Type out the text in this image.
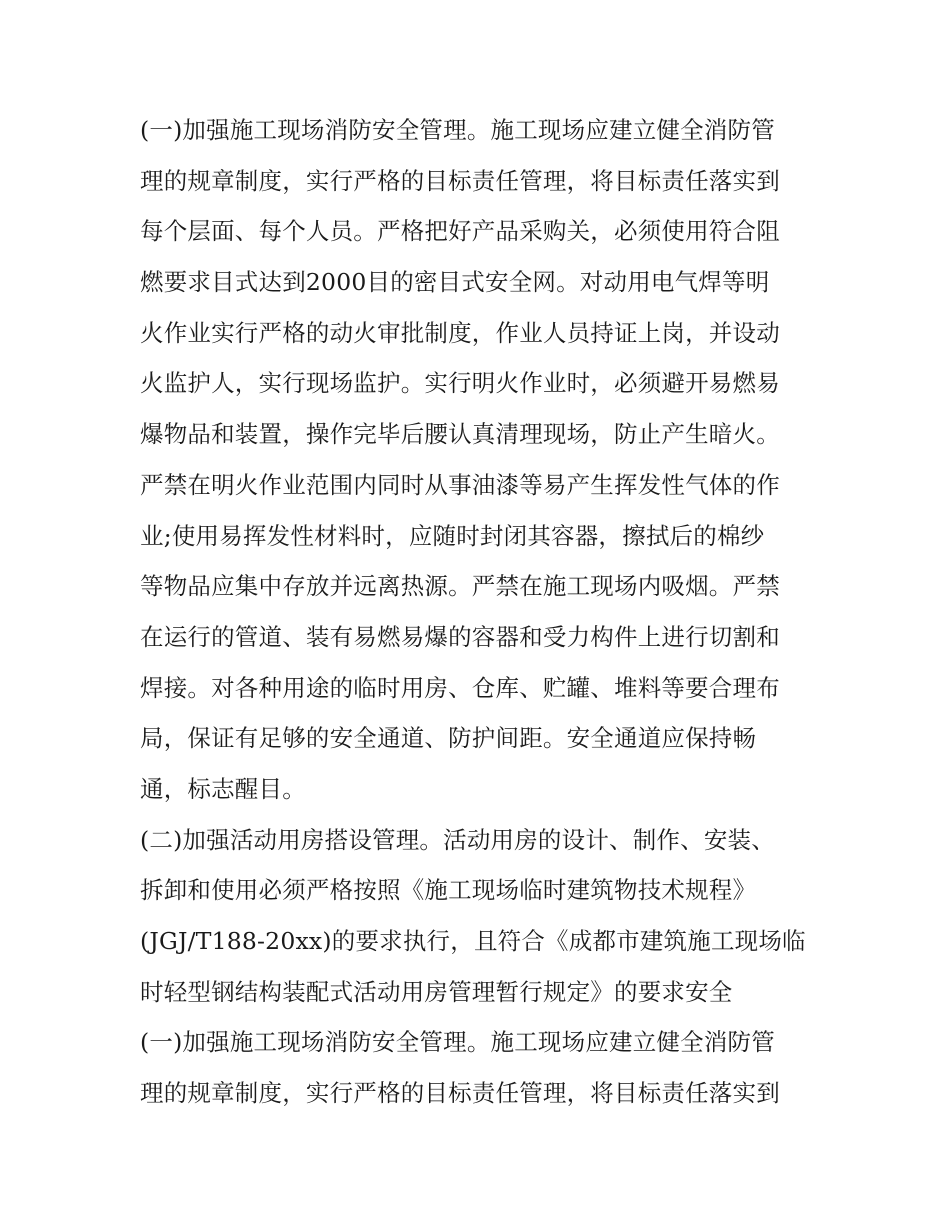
(一)加强施工现场消防安全管理。施工现场应建立健全消防管
理的规章制度，实行严格的目标责任管理，将目标责任落实到
每个层面、每个人员。严格把好产品采购关，必须使用符合阻
燃要求目式达到2000目的密目式安全网。对动用电气焊等明
火作业实行严格的动火审批制度，作业人员持证上岗，并设动
火监护人，实行现场监护。实行明火作业时，必须避开易燃易
爆物品和装置，操作完毕后腰认真清理现场，防止产生暗火。
严禁在明火作业范围内同时从事油漆等易产生挥发性气体的作
业;使用易挥发性材料时，应随时封闭其容器，擦拭后的棉纱
等物品应集中存放并远离热源。严禁在施工现场内吸烟。严禁
在运行的管道、装有易燃易爆的容器和受力构件上进行切割和
焊接。对各种用途的临时用房、仓库、贮罐、堆料等要合理布
局，保证有足够的安全通道、防护间距。安全通道应保持畅
通，标志醒目。
(二)加强活动用房搭设管理。活动用房的设计、制作、安装、
拆卸和使用必须严格按照《施工现场临时建筑物技术规程》
(JGJ/T188-20xx)的要求执行，且符合《成都市建筑施工现场临
时轻型钢结构装配式活动用房管理暂行规定》的要求安全
(一)加强施工现场消防安全管理。施工现场应建立健全消防管
理的规章制度，实行严格的目标责任管理，将目标责任落实到
